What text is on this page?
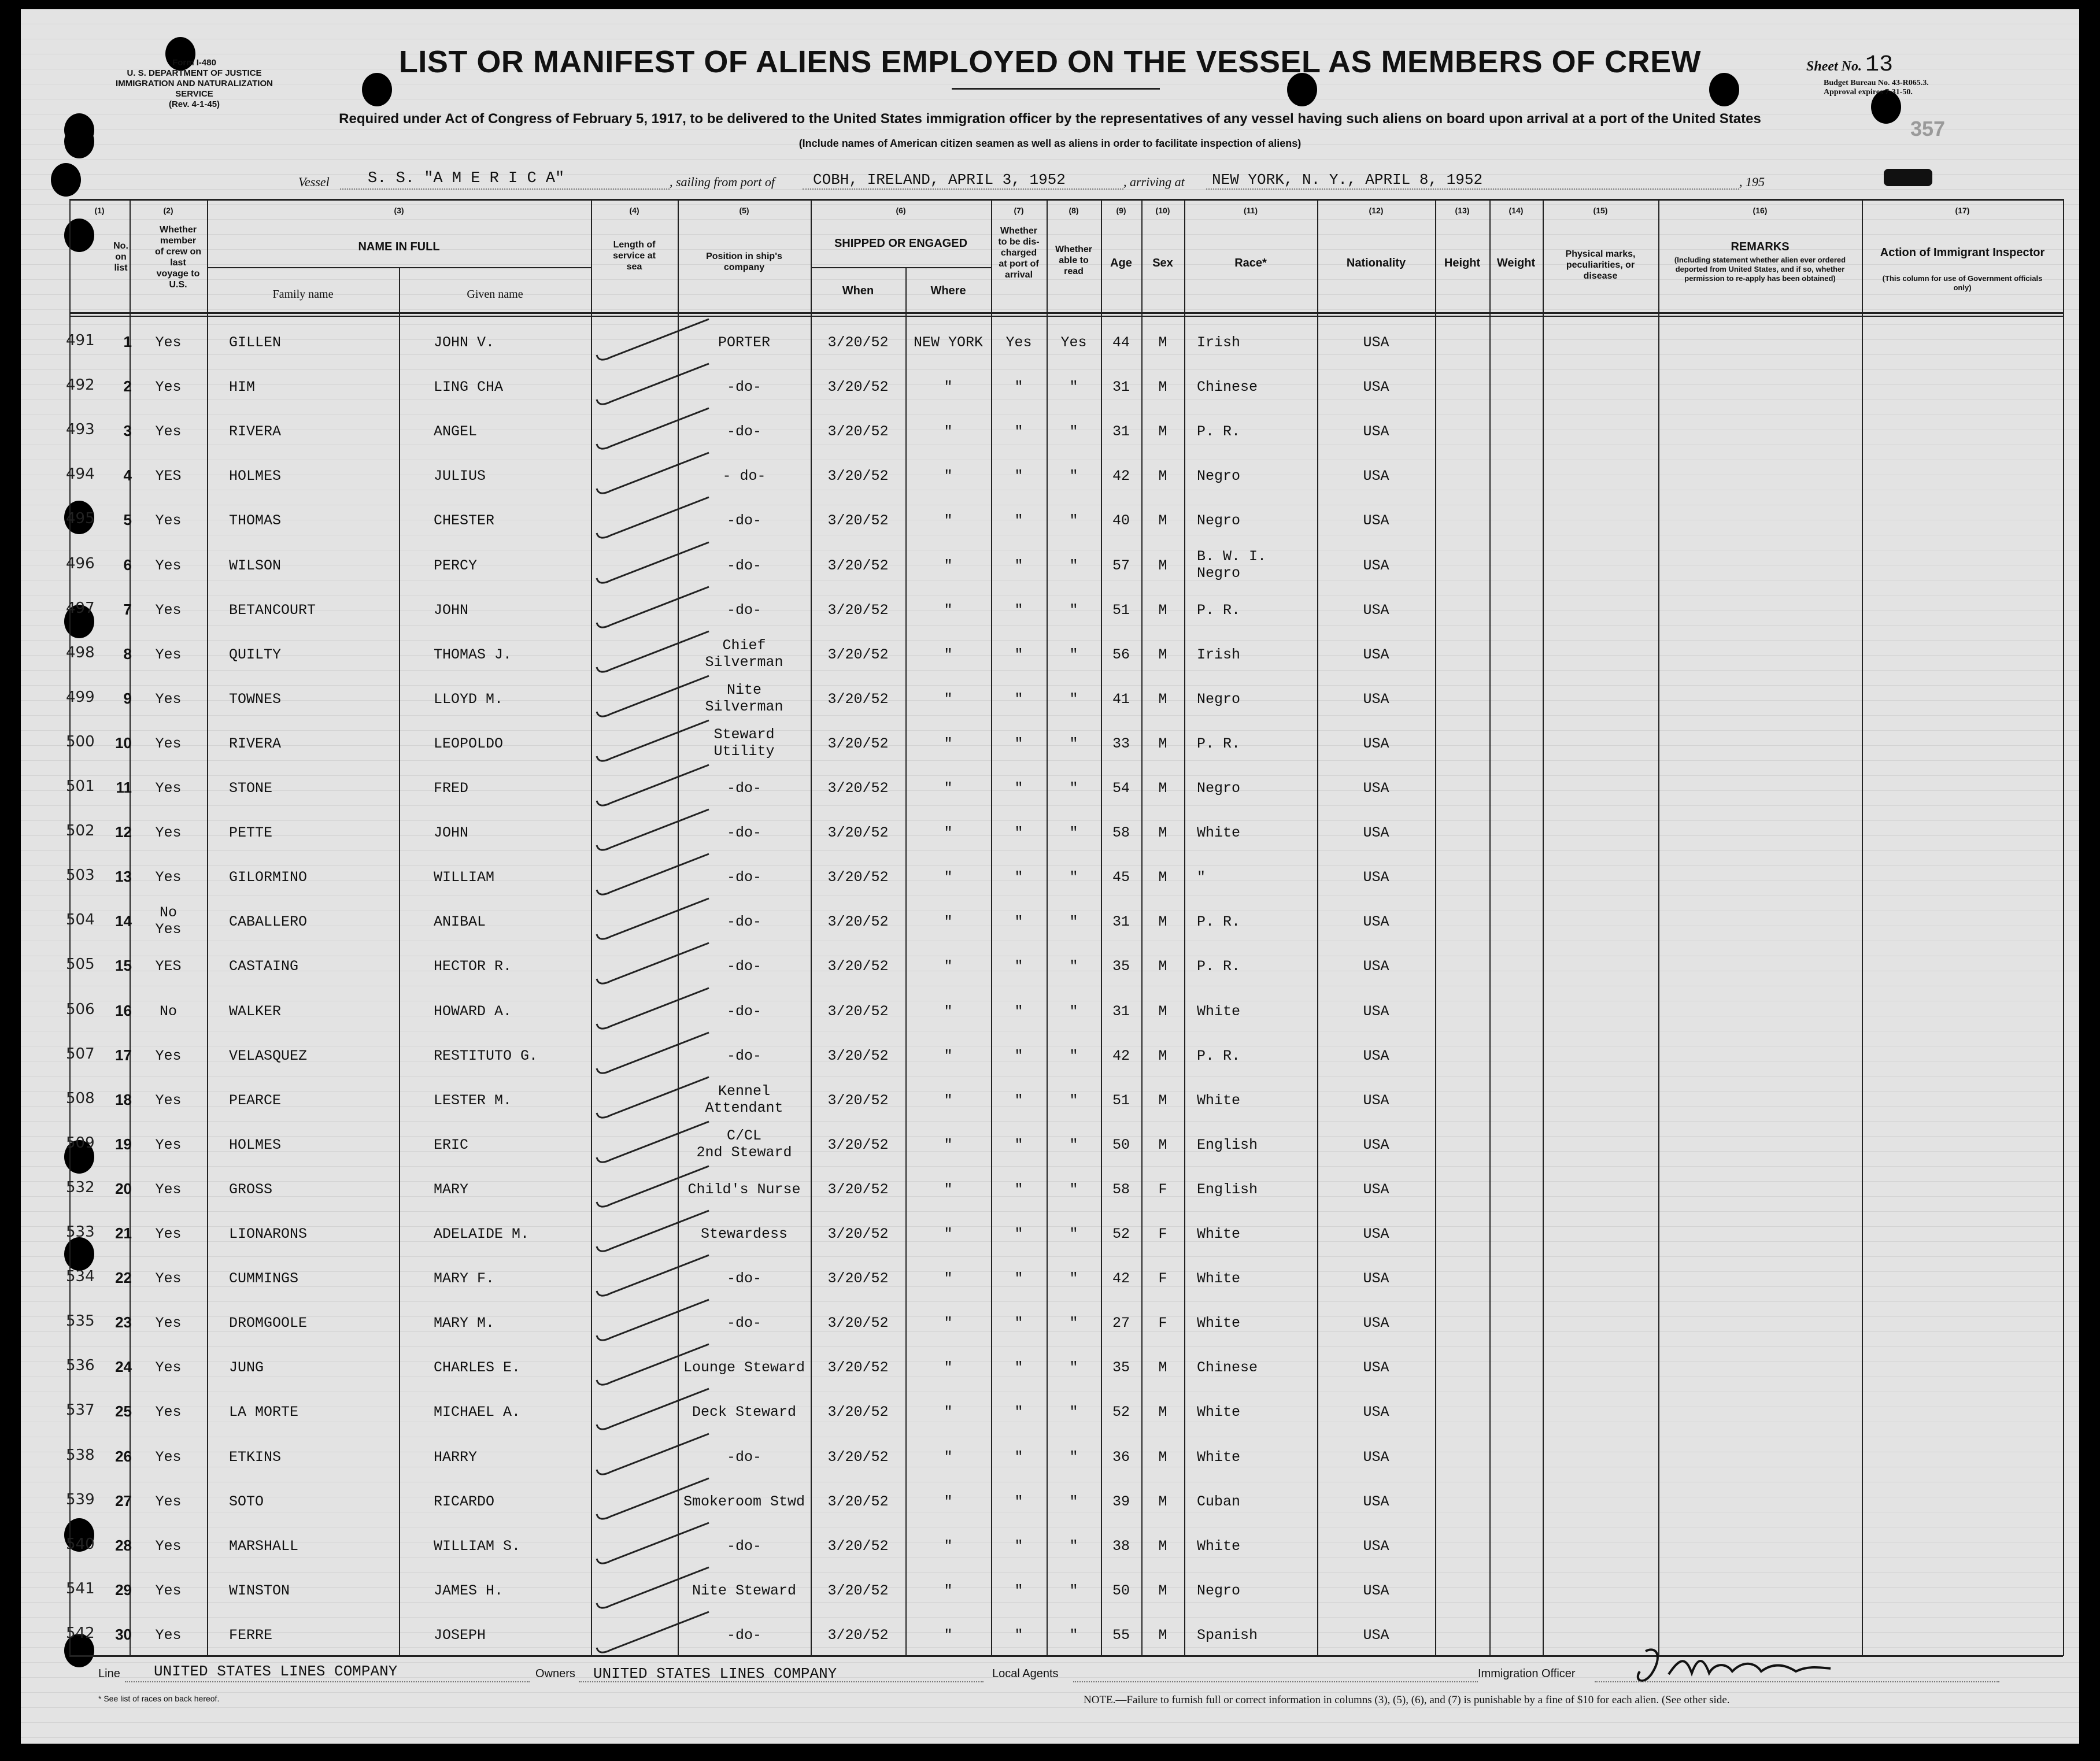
Form I-480
U. S. DEPARTMENT OF JUSTICE
IMMIGRATION AND NATURALIZATION SERVICE
(Rev. 4-1-45)
LIST OR MANIFEST OF ALIENS EMPLOYED ON THE VESSEL AS MEMBERS OF CREW	Sheet No. 13
Budget Bureau No. 43-R065.3.
Approval expires 7-31-50.
357
Required under Act of Congress of February 5, 1917, to be delivered to the United States immigration officer by the representatives of any vessel having such aliens on board upon arrival at a port of the United States
(Include names of American citizen seamen as well as aliens in order to facilitate inspection of aliens)
Vessel S. S. "A M E R I C A"	, sailing from port of	COBH, IRELAND, APRIL 3, 1952	, arriving at NEW YORK, N. Y., APRIL 8, 1952	, 195
(1)	(2)	(3)	(4)	(5)	(6)	(7)	(8)	(9)	(10)	(11)	(12)	(13)	(14)	(15)	(16)	(17)
No. on list
Whether member of crew on last voyage to U.S.
NAME IN FULL
Family name	Given name
Length of service at sea
Position in ship's company
SHIPPED OR ENGAGED
When	Where
Whether to be dis-charged at port of arrival
Whether able to read
Age	Sex	Race*	Nationality	Height	Weight
Physical marks, peculiarities, or disease
REMARKS
(Including statement whether alien ever ordered deported from United States, and if so, whether permission to re-apply has been obtained)
Action of Immigrant Inspector
(This column for use of Government officials only)
491	1	Yes	GILLEN	JOHN V.	PORTER	3/20/52	NEW YORK	Yes	Yes	44	M	Irish	USA
492	2	Yes	HIM	LING CHA	-do-	3/20/52	"	"	"	31	M	Chinese	USA
493	3	Yes	RIVERA	ANGEL	-do-	3/20/52	"	"	"	31	M	P. R.	USA
494	4	YES	HOLMES	JULIUS	- do-	3/20/52	"	"	"	42	M	Negro	USA
495	5	Yes	THOMAS	CHESTER	-do-	3/20/52	"	"	"	40	M	Negro	USA
496	6	Yes	WILSON	PERCY	-do-	3/20/52	"	"	"	57	M
B. W. I.
Negro	USA
497	7	Yes	BETANCOURT	JOHN	-do-	3/20/52	"	"	"	51	M	P. R.	USA
498	8	Yes	QUILTY	THOMAS J.
Chief
Silverman	3/20/52	"	"	"	56	M	Irish	USA
499	9	Yes	TOWNES	LLOYD M.
Nite
Silverman	3/20/52	"	"	"	41	M	Negro	USA
500	10	Yes	RIVERA	LEOPOLDO
Steward
Utility	3/20/52	"	"	"	33	M	P. R.	USA
501	11	Yes	STONE	FRED	-do-	3/20/52	"	"	"	54	M	Negro	USA
502	12	Yes	PETTE	JOHN	-do-	3/20/52	"	"	"	58	M	White	USA
503	13	Yes	GILORMINO	WILLIAM	-do-	3/20/52	"	"	"	45	M	"	USA
504	14	No
Yes	CABALLERO	ANIBAL	-do-	3/20/52	"	"	"	31	M	P. R.	USA
505	15	YES	CASTAING	HECTOR R.	-do-	3/20/52	"	"	"	35	M	P. R.	USA
506	16	No	WALKER	HOWARD A.	-do-	3/20/52	"	"	"	31	M	White	USA
507	17	Yes	VELASQUEZ	RESTITUTO G.	-do-	3/20/52	"	"	"	42	M	P. R.	USA
508	18	Yes	PEARCE	LESTER M.
Kennel
Attendant	3/20/52	"	"	"	51	M	White	USA
509	19	Yes	HOLMES	ERIC
C/CL
2nd Steward	3/20/52	"	"	"	50	M	English	USA
532	20	Yes	GROSS	MARY	Child's Nurse	3/20/52	"	"	"	58	F	English	USA
533	21	Yes	LIONARONS	ADELAIDE M.	Stewardess	3/20/52	"	"	"	52	F	White	USA
534	22	Yes	CUMMINGS	MARY F.	-do-	3/20/52	"	"	"	42	F	White	USA
535	23	Yes	DROMGOOLE	MARY M.	-do-	3/20/52	"	"	"	27	F	White	USA
536	24	Yes	JUNG	CHARLES E.	Lounge Steward	3/20/52	"	"	"	35	M	Chinese	USA
537	25	Yes	LA MORTE	MICHAEL A.	Deck Steward	3/20/52	"	"	"	52	M	White	USA
538	26	Yes	ETKINS	HARRY	-do-	3/20/52	"	"	"	36	M	White	USA
539	27	Yes	SOTO	RICARDO	Smokeroom Stwd	3/20/52	"	"	"	39	M	Cuban	USA
540	28	Yes	MARSHALL	WILLIAM S.	-do-	3/20/52	"	"	"	38	M	White	USA
541	29	Yes	WINSTON	JAMES H.	Nite Steward	3/20/52	"	"	"	50	M	Negro	USA
542	30	Yes	FERRE	JOSEPH	-do-	3/20/52	"	"	"	55	M	Spanish	USA
Line UNITED STATES LINES COMPANY	Owners UNITED STATES LINES COMPANY	Local Agents	Immigration Officer
* See list of races on back hereof.	NOTE.—Failure to furnish full or correct information in columns (3), (5), (6), and (7) is punishable by a fine of $10 for each alien. (See other side.
